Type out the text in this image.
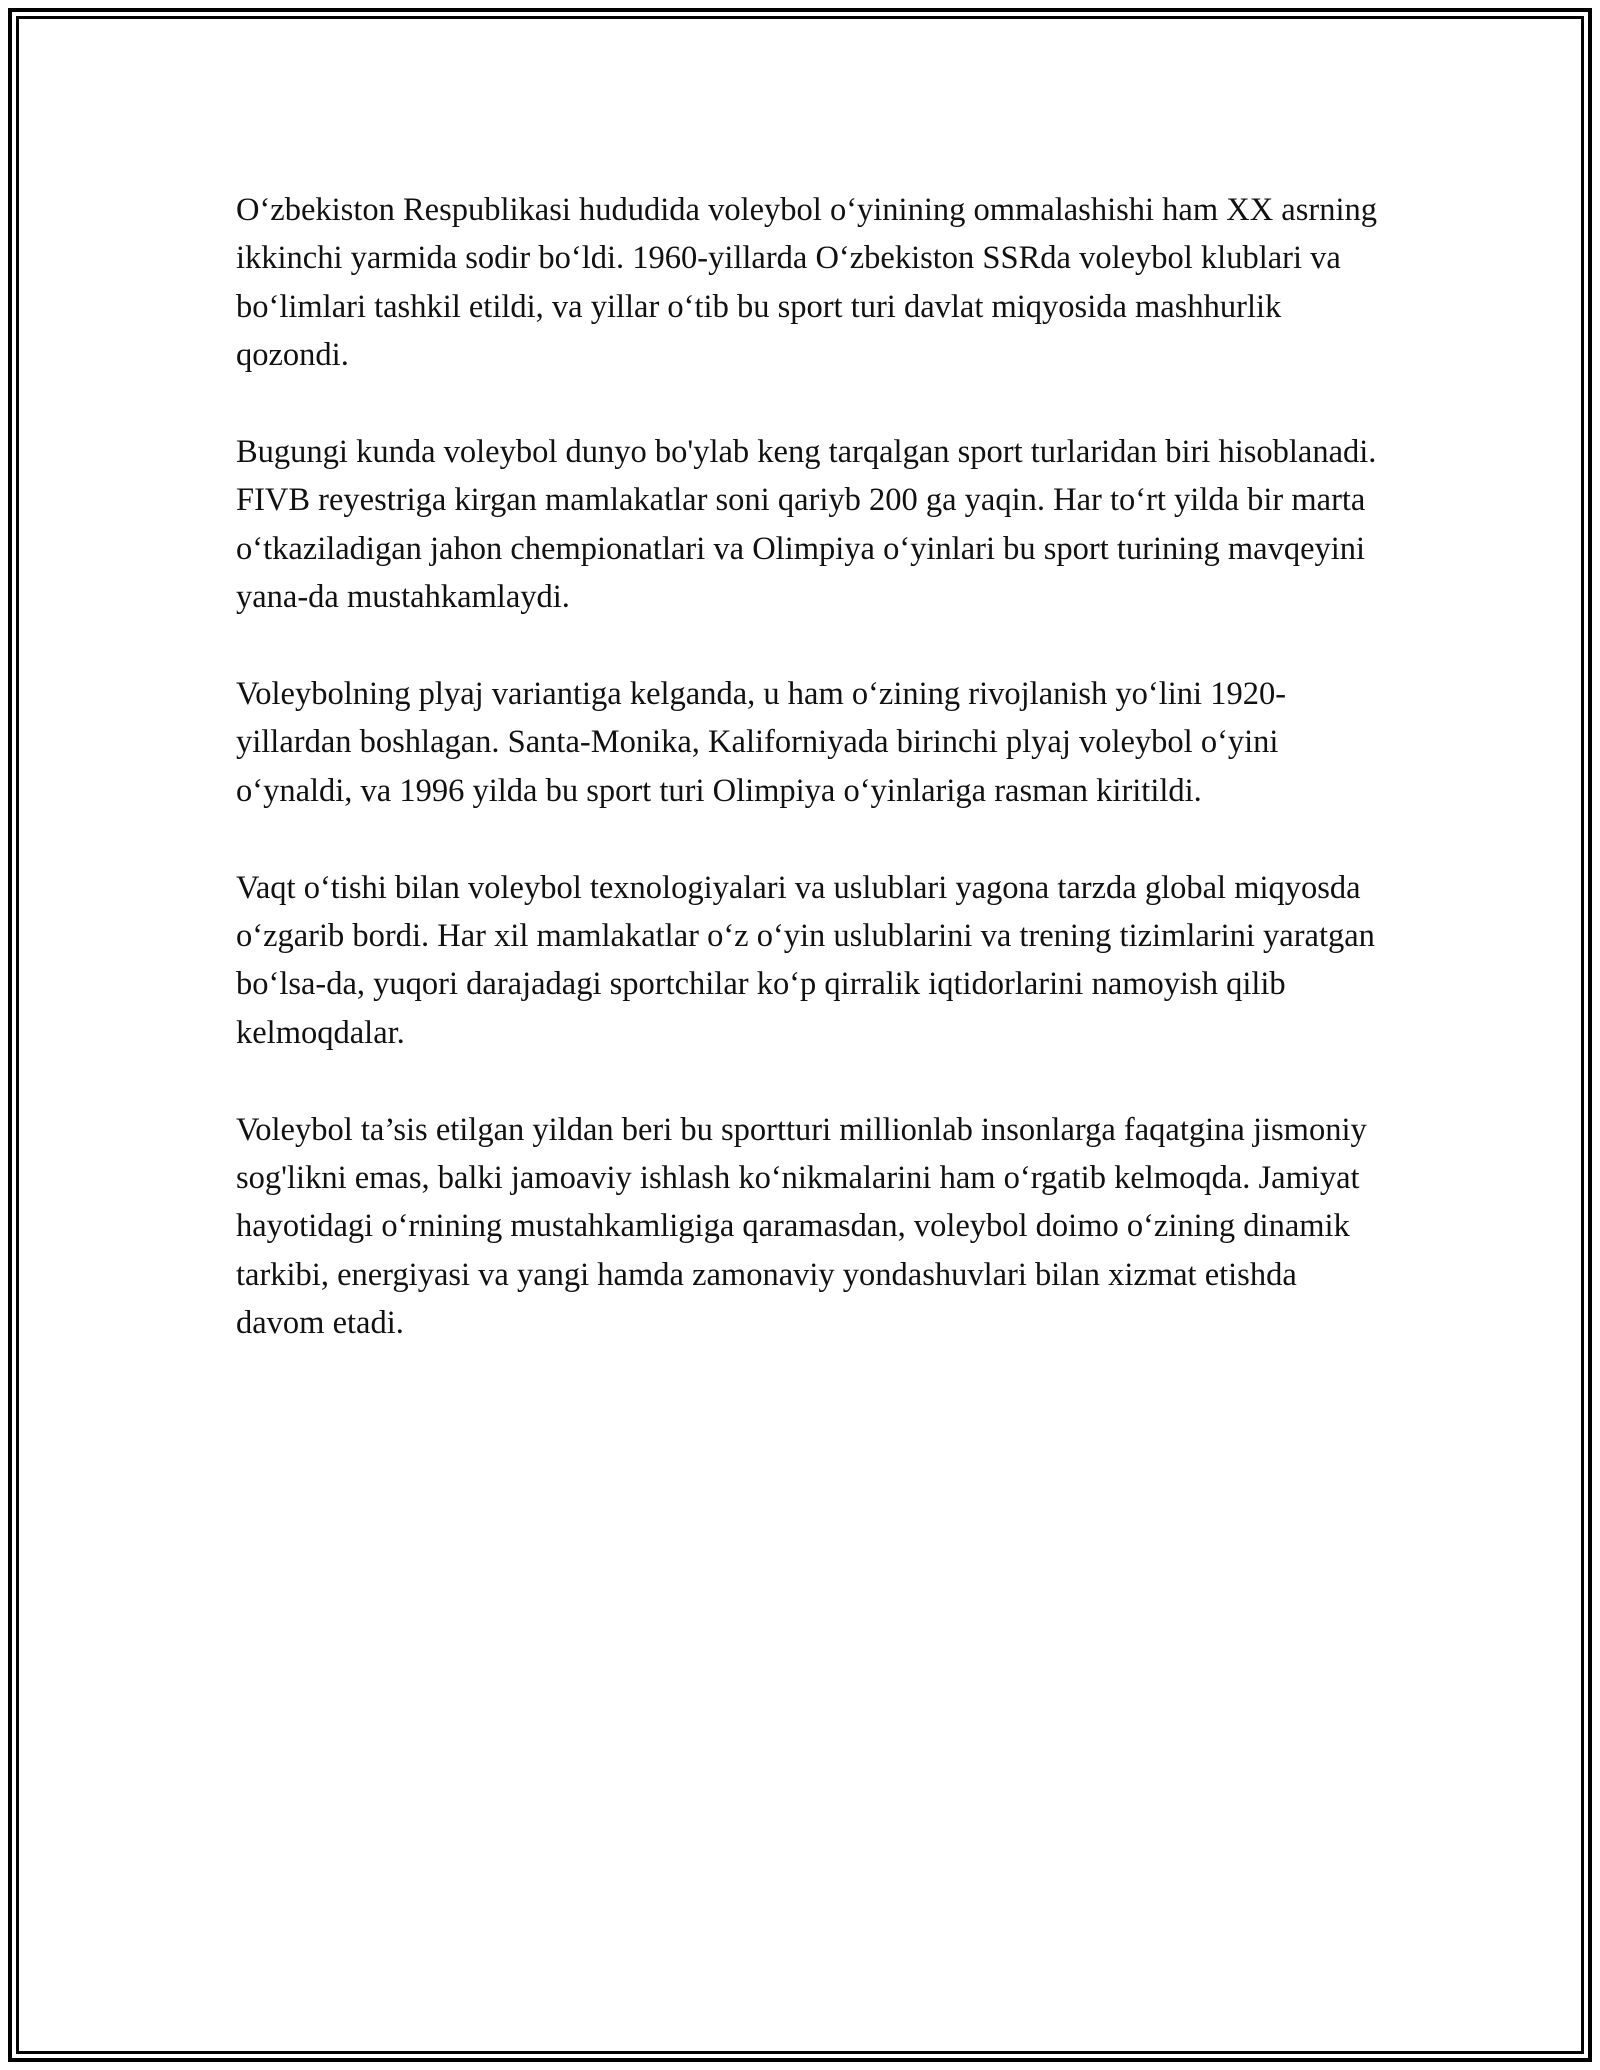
O‘zbekiston Respublikasi hududida voleybol o‘yinining ommalashishi ham XX asrning ikkinchi yarmida sodir bo‘ldi. 1960-yillarda O‘zbekiston SSRda voleybol klublari va bo‘limlari tashkil etildi, va yillar o‘tib bu sport turi davlat miqyosida mashhurlik qozondi.

Bugungi kunda voleybol dunyo bo'ylab keng tarqalgan sport turlaridan biri hisoblanadi. FIVB reyestriga kirgan mamlakatlar soni qariyb 200 ga yaqin. Har to‘rt yilda bir marta o‘tkaziladigan jahon chempionatlari va Olimpiya o‘yinlari bu sport turining mavqeyini yana-da mustahkamlaydi.

Voleybolning plyaj variantiga kelganda, u ham o‘zining rivojlanish yo‘lini 1920-yillardan boshlagan. Santa-Monika, Kaliforniyada birinchi plyaj voleybol o‘yini o‘ynaldi, va 1996 yilda bu sport turi Olimpiya o‘yinlariga rasman kiritildi.

Vaqt o‘tishi bilan voleybol texnologiyalari va uslublari yagona tarzda global miqyosda o‘zgarib bordi. Har xil mamlakatlar o‘z o‘yin uslublarini va trening tizimlarini yaratgan bo‘lsa-da, yuqori darajadagi sportchilar ko‘p qirralik iqtidorlarini namoyish qilib kelmoqdalar.

Voleybol ta’sis etilgan yildan beri bu sportturi millionlab insonlarga faqatgina jismoniy sog'likni emas, balki jamoaviy ishlash ko‘nikmalarini ham o‘rgatib kelmoqda. Jamiyat hayotidagi o‘rnining mustahkamligiga qaramasdan, voleybol doimo o‘zining dinamik tarkibi, energiyasi va yangi hamda zamonaviy yondashuvlari bilan xizmat etishda davom etadi.
